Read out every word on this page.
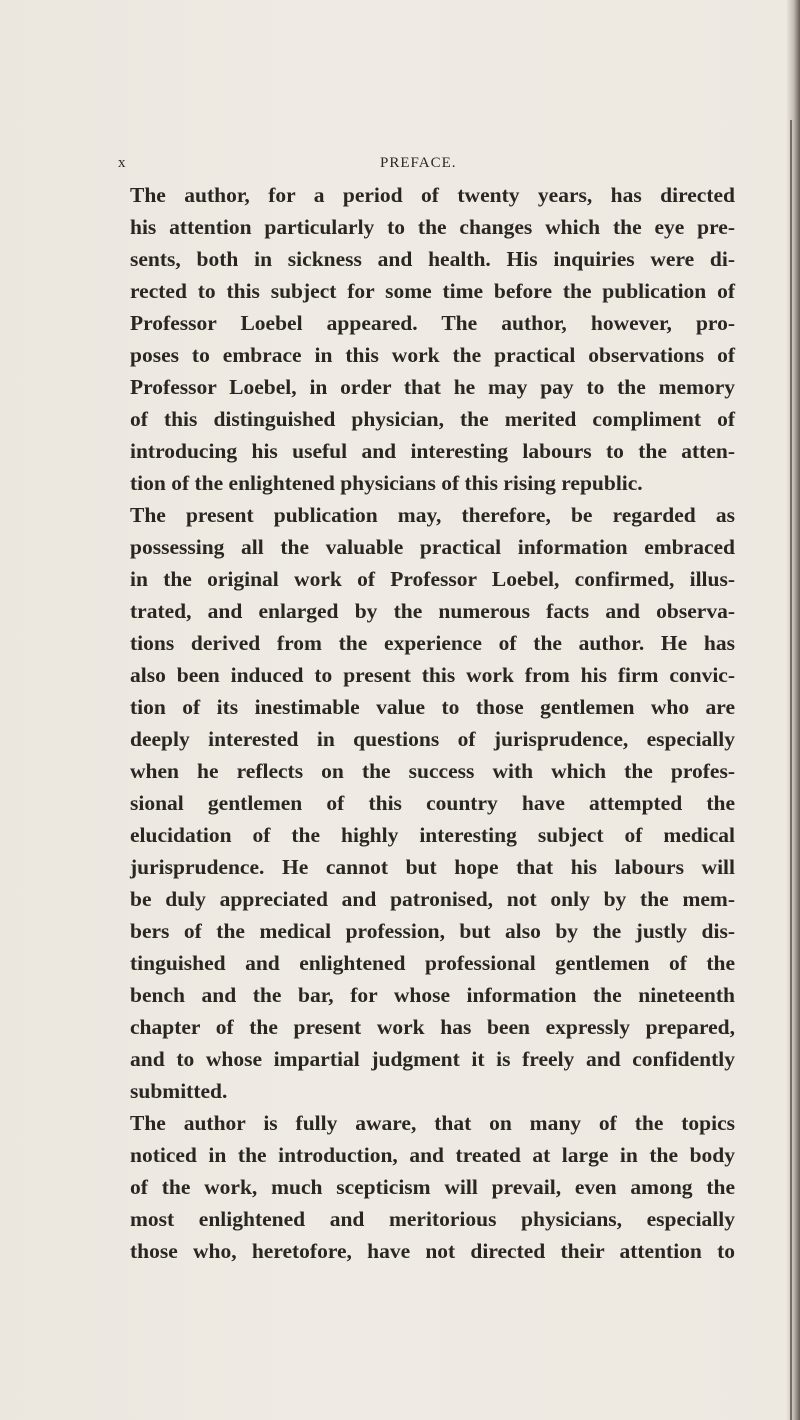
x	PREFACE.
The author, for a period of twenty years, has directed
his attention particularly to the changes which the eye pre-
sents, both in sickness and health. His inquiries were di-
rected to this subject for some time before the publication of
Professor Loebel appeared. The author, however, pro-
poses to embrace in this work the practical observations of
Professor Loebel, in order that he may pay to the memory
of this distinguished physician, the merited compliment of
introducing his useful and interesting labours to the atten-
tion of the enlightened physicians of this rising republic.
The present publication may, therefore, be regarded as
possessing all the valuable practical information embraced
in the original work of Professor Loebel, confirmed, illus-
trated, and enlarged by the numerous facts and observa-
tions derived from the experience of the author. He has
also been induced to present this work from his firm convic-
tion of its inestimable value to those gentlemen who are
deeply interested in questions of jurisprudence, especially
when he reflects on the success with which the profes-
sional gentlemen of this country have attempted the
elucidation of the highly interesting subject of medical
jurisprudence. He cannot but hope that his labours will
be duly appreciated and patronised, not only by the mem-
bers of the medical profession, but also by the justly dis-
tinguished and enlightened professional gentlemen of the
bench and the bar, for whose information the nineteenth
chapter of the present work has been expressly prepared,
and to whose impartial judgment it is freely and confidently
submitted.
The author is fully aware, that on many of the topics
noticed in the introduction, and treated at large in the body
of the work, much scepticism will prevail, even among the
most enlightened and meritorious physicians, especially
those who, heretofore, have not directed their attention to
